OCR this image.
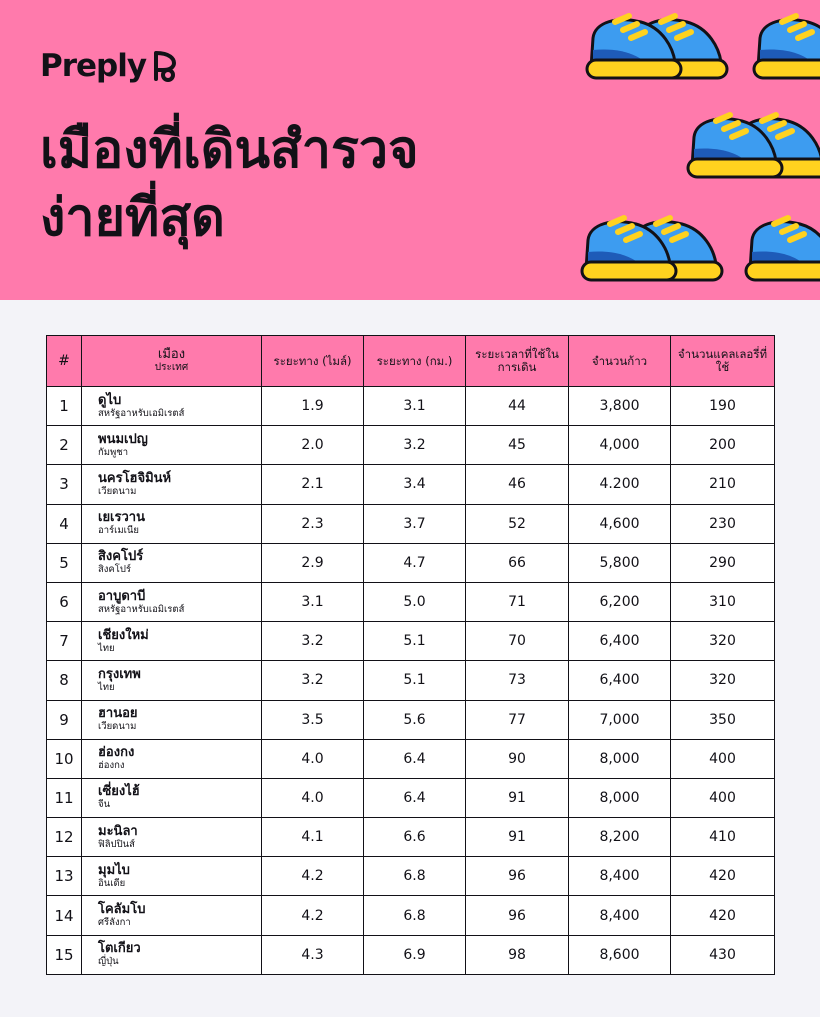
Preply
เมืองที่เดินสำรวจ
ง่ายที่สุด
#	เมือง
ประเทศ	ระยะทาง (ไมล์)	ระยะทาง (กม.)	ระยะเวลาที่ใช้ในการเดิน	จำนวนก้าว	จำนวนแคลเลอรี่ที่ใช้
1	ดูไบ
สหรัฐอาหรับเอมิเรตส์	1.9	3.1	44	3,800	190
2	พนมเปญ
กัมพูชา	2.0	3.2	45	4,000	200
3	นครโฮจิมินห์
เวียดนาม	2.1	3.4	46	4.200	210
4	เยเรวาน
อาร์เมเนีย	2.3	3.7	52	4,600	230
5	สิงคโปร์
สิงคโปร์	2.9	4.7	66	5,800	290
6	อาบูดาบี
สหรัฐอาหรับเอมิเรตส์	3.1	5.0	71	6,200	310
7	เชียงใหม่
ไทย	3.2	5.1	70	6,400	320
8	กรุงเทพ
ไทย	3.2	5.1	73	6,400	320
9	ฮานอย
เวียดนาม	3.5	5.6	77	7,000	350
10	ฮ่องกง
ฮ่องกง	4.0	6.4	90	8,000	400
11	เซี่ยงไฮ้
จีน	4.0	6.4	91	8,000	400
12	มะนิลา
ฟิลิปปินส์	4.1	6.6	91	8,200	410
13	มุมไบ
อินเดีย	4.2	6.8	96	8,400	420
14	โคลัมโบ
ศรีลังกา	4.2	6.8	96	8,400	420
15	โตเกียว
ญี่ปุ่น	4.3	6.9	98	8,600	430
